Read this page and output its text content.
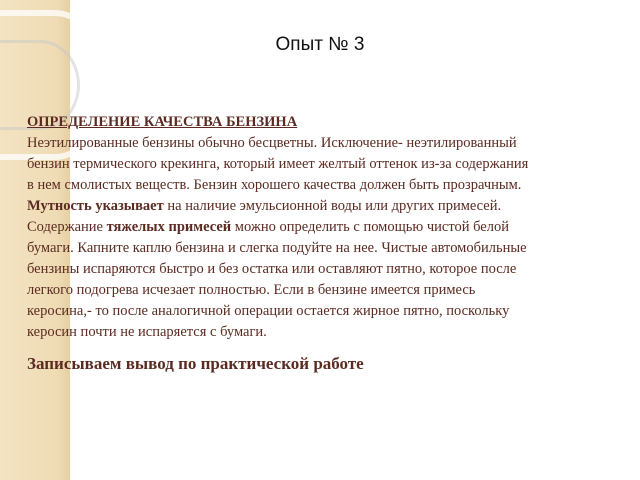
Опыт № 3
ОПРЕДЕЛЕНИЕ КАЧЕСТВА БЕНЗИНА
Неэтилированные бензины обычно бесцветны. Исключение- неэтилированный
бензин термического крекинга, который имеет желтый оттенок из-за содержания
в нем смолистых веществ. Бензин хорошего качества должен быть прозрачным.
Мутность указывает на наличие эмульсионной воды или других примесей.
Содержание тяжелых примесей можно определить с помощью чистой белой
бумаги. Капните каплю бензина и слегка подуйте на нее. Чистые автомобильные
бензины испаряются быстро и без остатка или оставляют пятно, которое после
легкого подогрева исчезает полностью. Если в бензине имеется примесь
керосина,- то после аналогичной операции остается жирное пятно, поскольку
керосин почти не испаряется с бумаги.
Записываем вывод по практической работе
